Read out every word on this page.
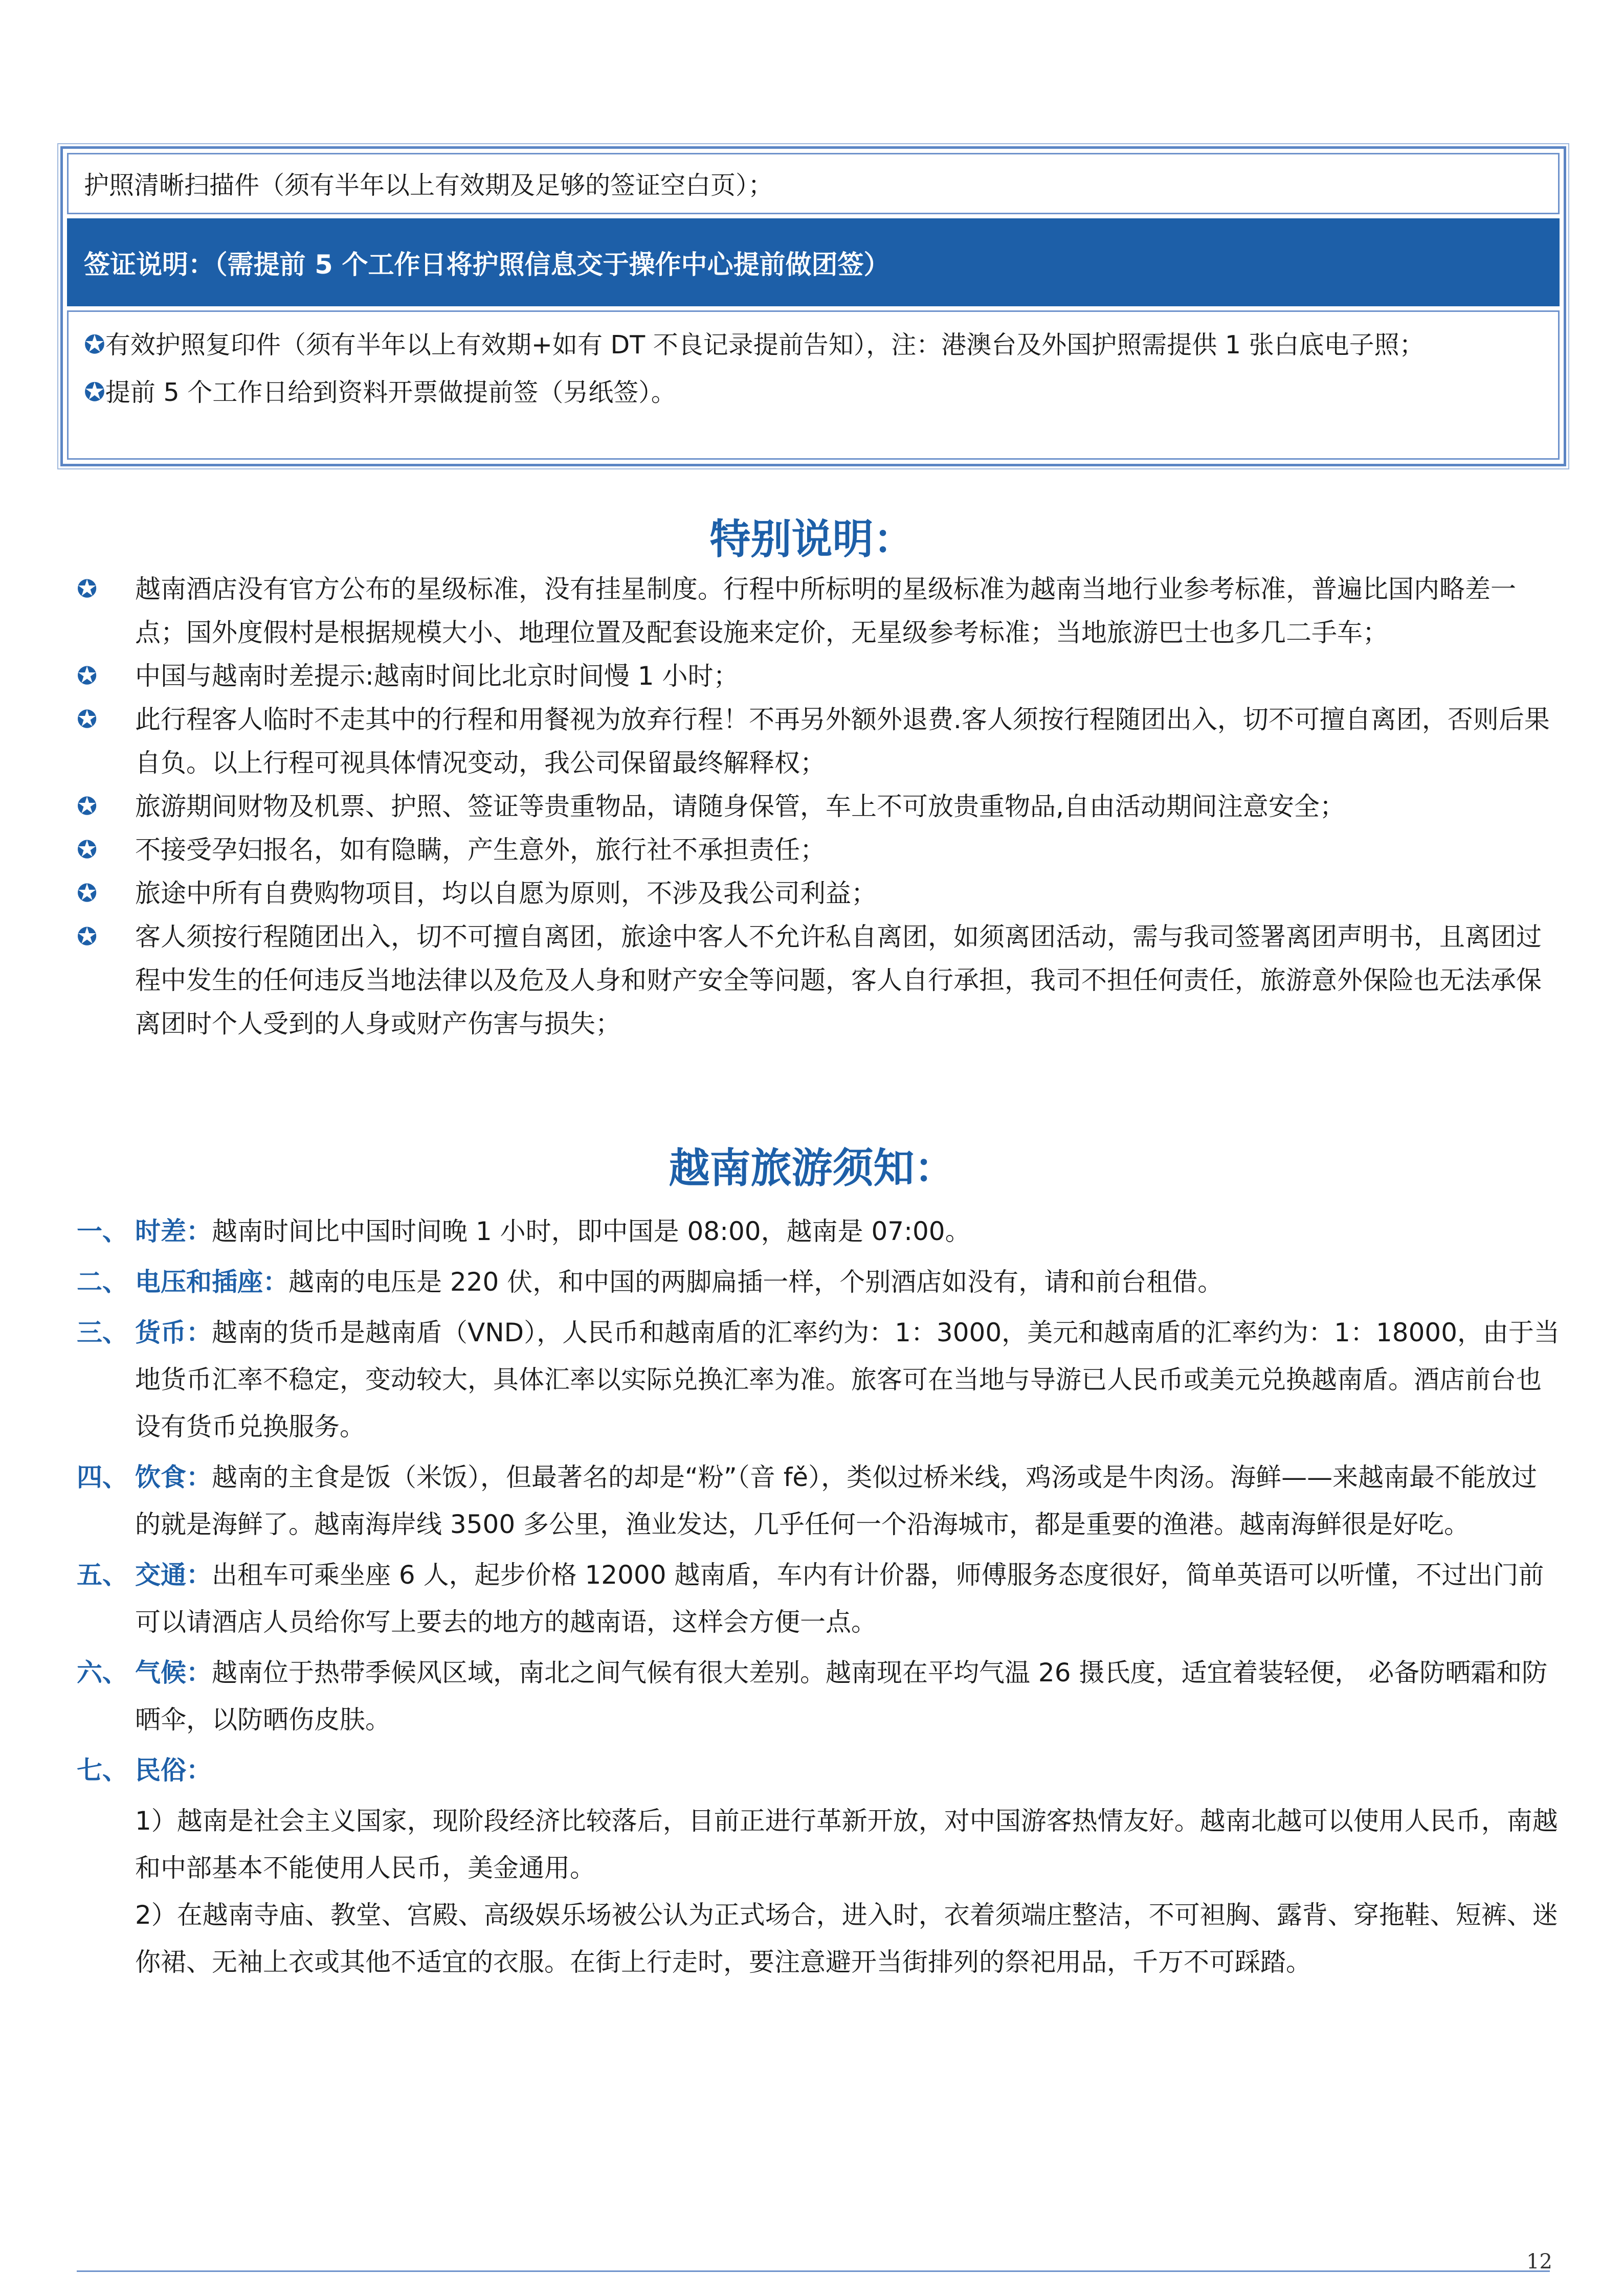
护照清晰扫描件（须有半年以上有效期及足够的签证空白页）；
签证说明：（需提前 5 个工作日将护照信息交于操作中心提前做团签）
✪有效护照复印件（须有半年以上有效期+如有 DT 不良记录提前告知），注：港澳台及外国护照需提供 1 张白底电子照；
✪提前 5 个工作日给到资料开票做提前签（另纸签）。
特别说明：
✪ 越南酒店没有官方公布的星级标准，没有挂星制度。行程中所标明的星级标准为越南当地行业参考标准，普遍比国内略差一点；国外度假村是根据规模大小、地理位置及配套设施来定价，无星级参考标准；当地旅游巴士也多几二手车；
✪ 中国与越南时差提示:越南时间比北京时间慢 1 小时；
✪ 此行程客人临时不走其中的行程和用餐视为放弃行程！不再另外额外退费.客人须按行程随团出入，切不可擅自离团，否则后果自负。以上行程可视具体情况变动，我公司保留最终解释权；
✪ 旅游期间财物及机票、护照、签证等贵重物品，请随身保管，车上不可放贵重物品,自由活动期间注意安全；
✪ 不接受孕妇报名，如有隐瞒，产生意外，旅行社不承担责任；
✪ 旅途中所有自费购物项目，均以自愿为原则，不涉及我公司利益；
✪ 客人须按行程随团出入，切不可擅自离团，旅途中客人不允许私自离团，如须离团活动，需与我司签署离团声明书，且离团过程中发生的任何违反当地法律以及危及人身和财产安全等问题，客人自行承担，我司不担任何责任，旅游意外保险也无法承保离团时个人受到的人身或财产伤害与损失；
越南旅游须知：
一、 时差：越南时间比中国时间晚 1 小时，即中国是 08:00，越南是 07:00。
二、 电压和插座：越南的电压是 220 伏，和中国的两脚扁插一样，个别酒店如没有，请和前台租借。
三、 货币：越南的货币是越南盾（VND），人民币和越南盾的汇率约为：1：3000，美元和越南盾的汇率约为：1：18000，由于当地货币汇率不稳定，变动较大，具体汇率以实际兑换汇率为准。旅客可在当地与导游已人民币或美元兑换越南盾。酒店前台也设有货币兑换服务。
四、 饮食：越南的主食是饭（米饭），但最著名的却是“粉”（音 fě），类似过桥米线，鸡汤或是牛肉汤。海鲜——来越南最不能放过的就是海鲜了。越南海岸线 3500 多公里，渔业发达，几乎任何一个沿海城市，都是重要的渔港。越南海鲜很是好吃。
五、 交通：出租车可乘坐座 6 人，起步价格 12000 越南盾，车内有计价器，师傅服务态度很好，简单英语可以听懂，不过出门前可以请酒店人员给你写上要去的地方的越南语，这样会方便一点。
六、 气候：越南位于热带季候风区域，南北之间气候有很大差别。越南现在平均气温 26 摄氏度，适宜着装轻便， 必备防晒霜和防晒伞，以防晒伤皮肤。
七、 民俗：
1）越南是社会主义国家，现阶段经济比较落后，目前正进行革新开放，对中国游客热情友好。越南北越可以使用人民币，南越和中部基本不能使用人民币，美金通用。
2）在越南寺庙、教堂、宫殿、高级娱乐场被公认为正式场合，进入时，衣着须端庄整洁，不可袒胸、露背、穿拖鞋、短裤、迷你裙、无袖上衣或其他不适宜的衣服。在街上行走时，要注意避开当街排列的祭祀用品，千万不可踩踏。
12
